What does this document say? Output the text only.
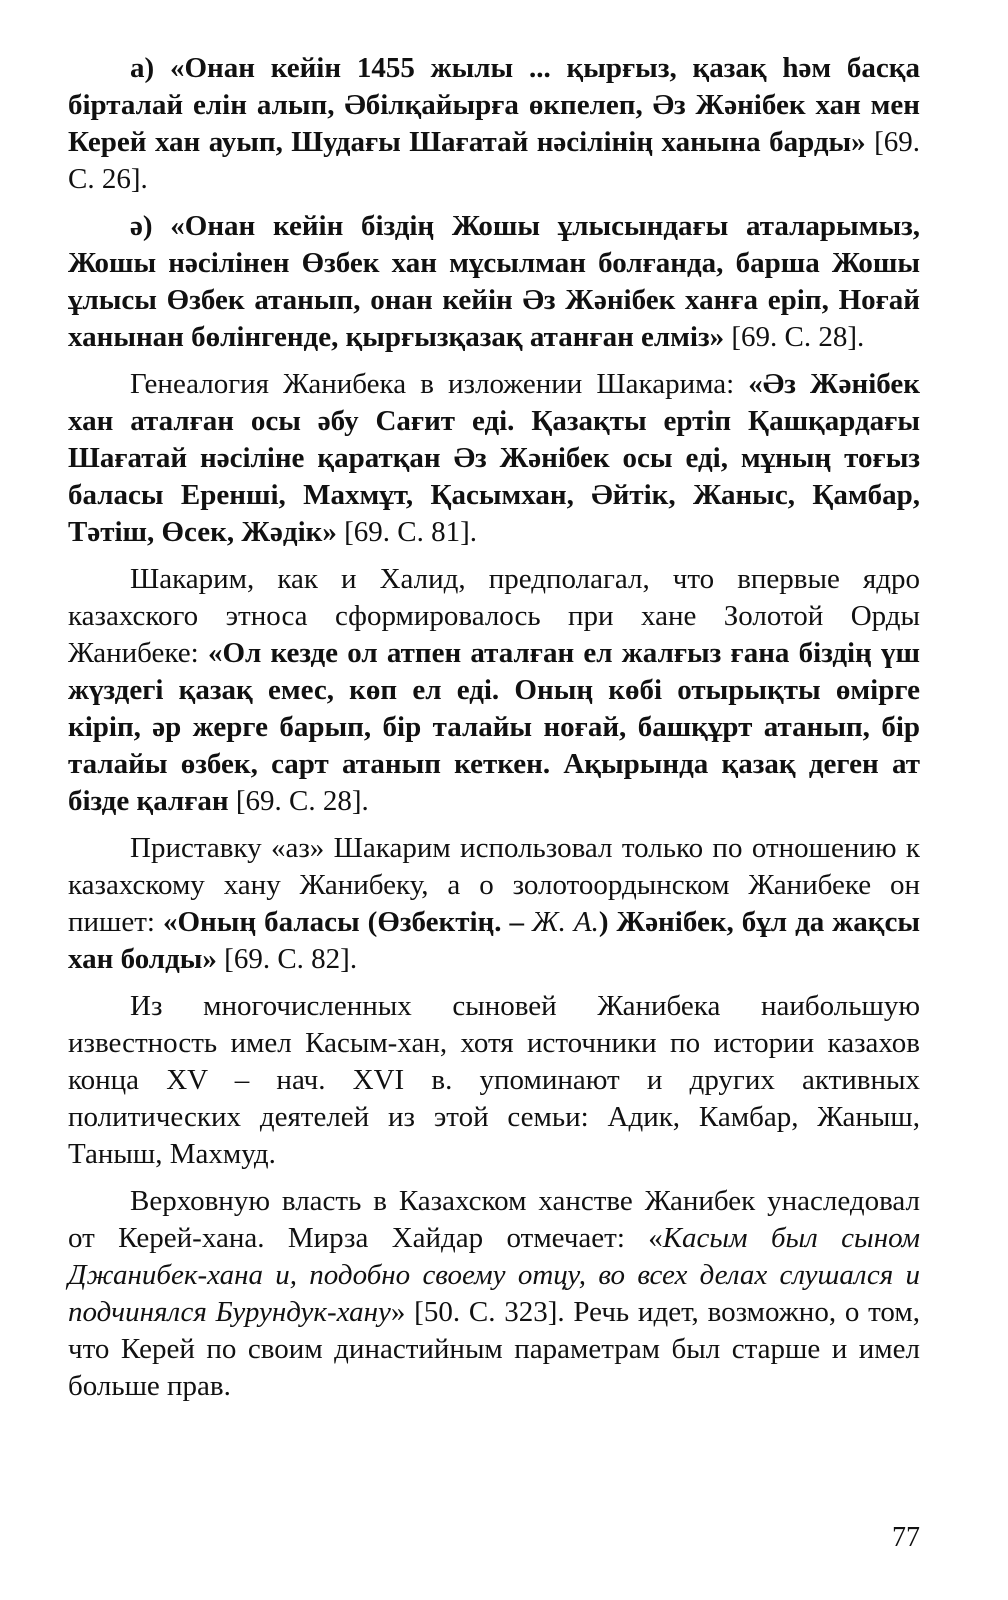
а) «Онан кейін 1455 жылы ... қырғыз, қазақ һәм басқа бірталай елін алып, Әбілқайырға өкпелеп, Әз Жәнібек хан мен Керей хан ауып, Шудағы Шағатай нәсілінің ханына барды» [69. С. 26].

ә) «Онан кейін біздің Жошы ұлысындағы аталарымыз, Жошы нәсілінен Өзбек хан мұсылман болғанда, барша Жошы ұлысы Өзбек атанып, онан кейін Әз Жәнібек ханға еріп, Ноғай ханынан бөлінгенде, қырғызқазақ атанған елміз» [69. С. 28].

Генеалогия Жанибека в изложении Шакарима: «Әз Жәнібек хан аталған осы әбу Сағит еді. Қазақты ертіп Қашқардағы Шағатай нәсіліне қаратқан Әз Жәнібек осы еді, мұның тоғыз баласы Еренші, Махмұт, Қасымхан, Әйтік, Жаныс, Қамбар, Тәтіш, Өсек, Жәдік» [69. С. 81].

Шакарим, как и Халид, предполагал, что впервые ядро казахского этноса сформировалось при хане Золотой Орды Жанибеке: «Ол кезде ол атпен аталған ел жалғыз ғана біздің үш жүздегі қазақ емес, көп ел еді. Оның көбі отырықты өмірге кіріп, әр жерге барып, бір талайы ноғай, башқұрт атанып, бір талайы өзбек, сарт атанып кеткен. Ақырында қазақ деген ат бізде қалған [69. С. 28].

Приставку «аз» Шакарим использовал только по отношению к казахскому хану Жанибеку, а о золотоордынском Жанибеке он пишет: «Оның баласы (Өзбектің. – Ж. А.) Жәнібек, бұл да жақсы хан болды» [69. С. 82].

Из многочисленных сыновей Жанибека наибольшую известность имел Касым-хан, хотя источники по истории казахов конца XV – нач. XVI в. упоминают и других активных политических деятелей из этой семьи: Адик, Камбар, Жаныш, Таныш, Махмуд.

Верховную власть в Казахском ханстве Жанибек унаследовал от Керей-хана. Мирза Хайдар отмечает: «Касым был сыном Джанибек-хана и, подобно своему отцу, во всех делах слушался и подчинялся Бурундук-хану» [50. С. 323]. Речь идет, возможно, о том, что Керей по своим династийным параметрам был старше и имел больше прав.

77
